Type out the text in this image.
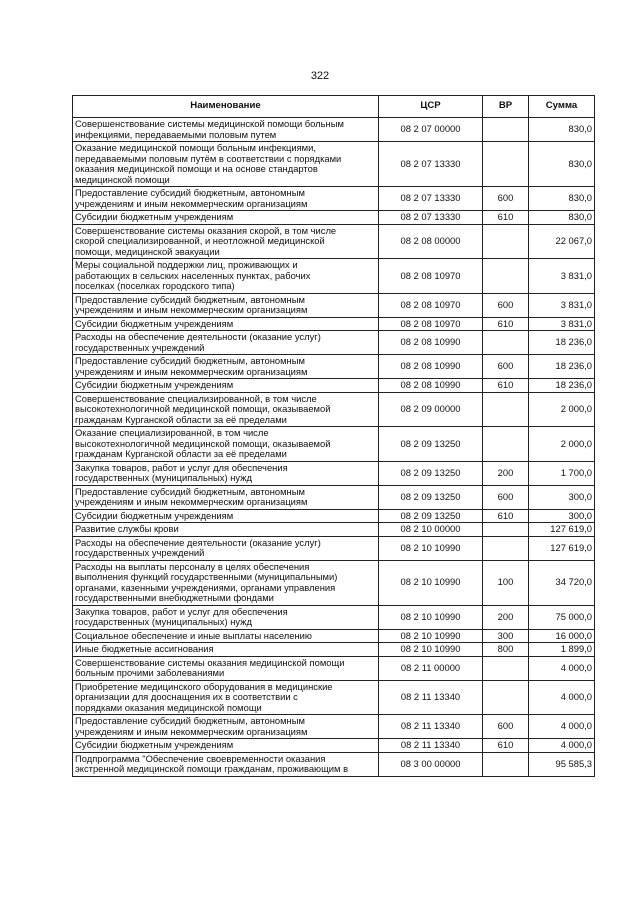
322
Наименование	ЦСР	ВР	Сумма
Совершенствование системы медицинской помощи больным
инфекциями, передаваемыми половым путем	08 2 07 00000		830,0
Оказание медицинской помощи больным инфекциями,
передаваемыми половым путём в соответствии с порядками
оказания медицинской помощи и на основе стандартов
медицинской помощи	08 2 07 13330		830,0
Предоставление субсидий бюджетным, автономным
учреждениям и иным некоммерческим организациям	08 2 07 13330	600	830,0
Субсидии бюджетным учреждениям	08 2 07 13330	610	830,0
Совершенствование системы оказания скорой, в том числе
скорой специализированной, и неотложной медицинской
помощи, медицинской эвакуации	08 2 08 00000		22 067,0
Меры социальной поддержки лиц, проживающих и
работающих в сельских населенных пунктах, рабочих
поселках (поселках городского типа)	08 2 08 10970		3 831,0
Предоставление субсидий бюджетным, автономным
учреждениям и иным некоммерческим организациям	08 2 08 10970	600	3 831,0
Субсидии бюджетным учреждениям	08 2 08 10970	610	3 831,0
Расходы на обеспечение деятельности (оказание услуг)
государственных учреждений	08 2 08 10990		18 236,0
Предоставление субсидий бюджетным, автономным
учреждениям и иным некоммерческим организациям	08 2 08 10990	600	18 236,0
Субсидии бюджетным учреждениям	08 2 08 10990	610	18 236,0
Совершенствование специализированной, в том числе
высокотехнологичной медицинской помощи, оказываемой
гражданам Курганской области за её пределами	08 2 09 00000		2 000,0
Оказание специализированной, в том числе
высокотехнологичной медицинской помощи, оказываемой
гражданам Курганской области за её пределами	08 2 09 13250		2 000,0
Закупка товаров, работ и услуг для обеспечения
государственных (муниципальных) нужд	08 2 09 13250	200	1 700,0
Предоставление субсидий бюджетным, автономным
учреждениям и иным некоммерческим организациям	08 2 09 13250	600	300,0
Субсидии бюджетным учреждениям	08 2 09 13250	610	300,0
Развитие службы крови	08 2 10 00000		127 619,0
Расходы на обеспечение деятельности (оказание услуг)
государственных учреждений	08 2 10 10990		127 619,0
Расходы на выплаты персоналу в целях обеспечения
выполнения функций государственными (муниципальными)
органами, казенными учреждениями, органами управления
государственными внебюджетными фондами	08 2 10 10990	100	34 720,0
Закупка товаров, работ и услуг для обеспечения
государственных (муниципальных) нужд	08 2 10 10990	200	75 000,0
Социальное обеспечение и иные выплаты населению	08 2 10 10990	300	16 000,0
Иные бюджетные ассигнования	08 2 10 10990	800	1 899,0
Совершенствование системы оказания медицинской помощи
больным прочими заболеваниями	08 2 11 00000		4 000,0
Приобретение медицинского оборудования в медицинские
организации для дооснащения их в соответствии с
порядками оказания медицинской помощи	08 2 11 13340		4 000,0
Предоставление субсидий бюджетным, автономным
учреждениям и иным некоммерческим организациям	08 2 11 13340	600	4 000,0
Субсидии бюджетным учреждениям	08 2 11 13340	610	4 000,0
Подпрограмма "Обеспечение своевременности оказания
экстренной медицинской помощи гражданам, проживающим в	08 3 00 00000		95 585,3
